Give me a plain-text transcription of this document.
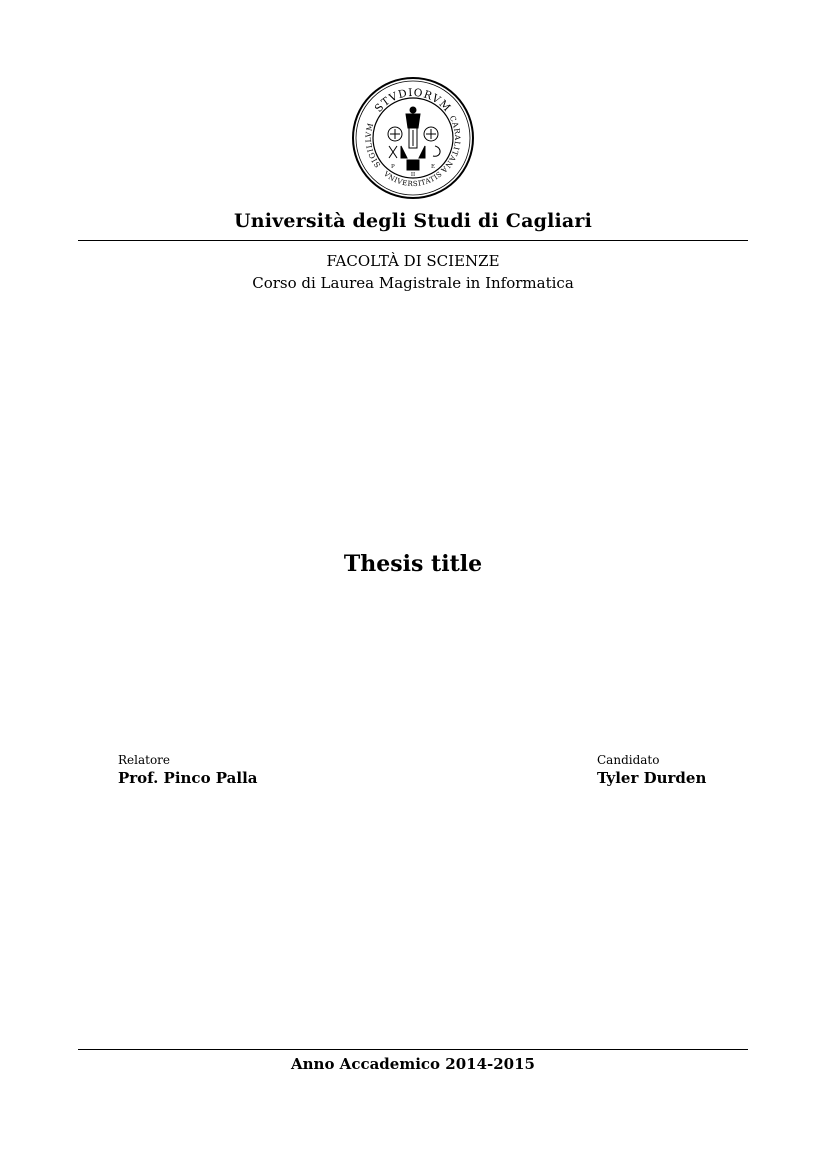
STVDIORVM
SIGILLVM
CARALITANA
VNIVERSITATIS
P
II
E
Università degli Studi di Cagliari
FACOLTÀ DI SCIENZE
Corso di Laurea Magistrale in Informatica
Thesis title
Relatore
Prof. Pinco Palla
Candidato
Tyler Durden
Anno Accademico 2014-2015
